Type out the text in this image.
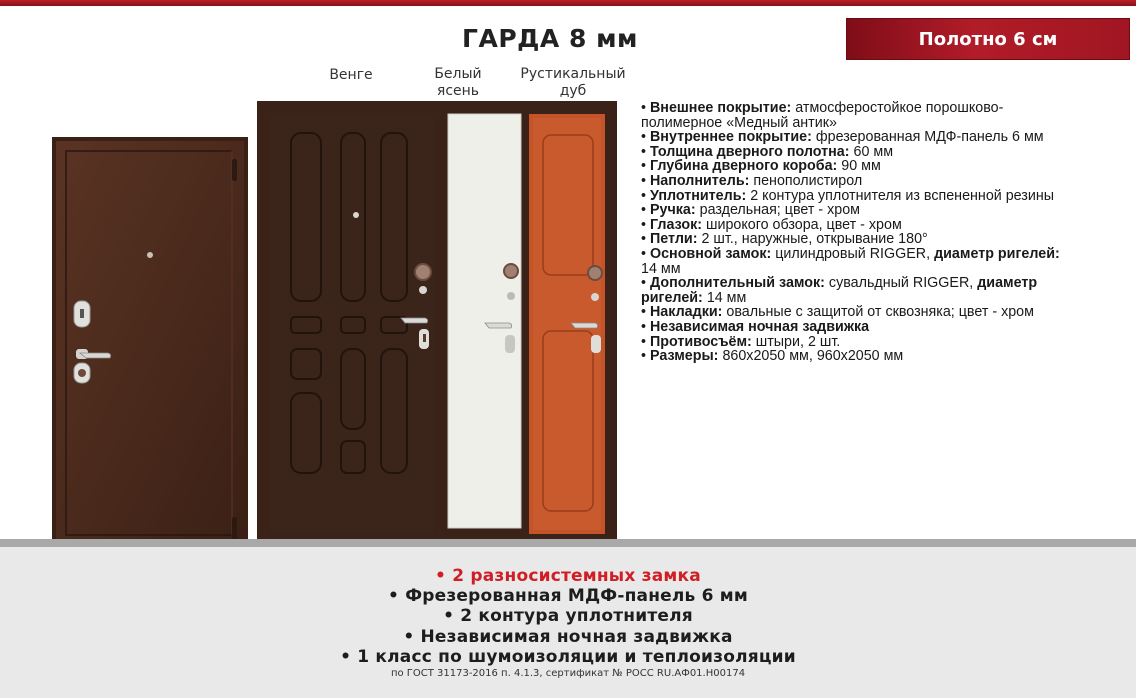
ГАРДА 8 мм	Полотно 6 см
Венге	Белый
ясень
Рустикальный
дуб

• Внешнее покрытие: атмосферостойкое порошково-полимерное «Медный антик»

• Внутреннее покрытие: фрезерованная МДФ-панель 6 мм

• Толщина дверного полотна: 60 мм

• Глубина дверного короба: 90 мм

• Наполнитель: пенополистирол

• Уплотнитель: 2 контура уплотнителя из вспененной резины

• Ручка: раздельная; цвет - хром

• Глазок: широкого обзора, цвет - хром

• Петли: 2 шт., наружные, открывание 180°

• Основной замок: цилиндровый RIGGER, диаметр ригелей: 14 мм

• Дополнительный замок: сувальдный RIGGER, диаметр ригелей: 14 мм

• Накладки: овальные с защитой от сквозняка; цвет - хром

• Независимая ночная задвижка

• Противосъём: штыри, 2 шт.

• Размеры: 860х2050 мм, 960х2050 мм

• 2 разносистемных замка
• Фрезерованная МДФ-панель 6 мм
• 2 контура уплотнителя
• Независимая ночная задвижка
• 1 класс по шумоизоляции и теплоизоляции
по ГОСТ 31173-2016 п. 4.1.3, сертификат № РОСС RU.АФ01.Н00174
